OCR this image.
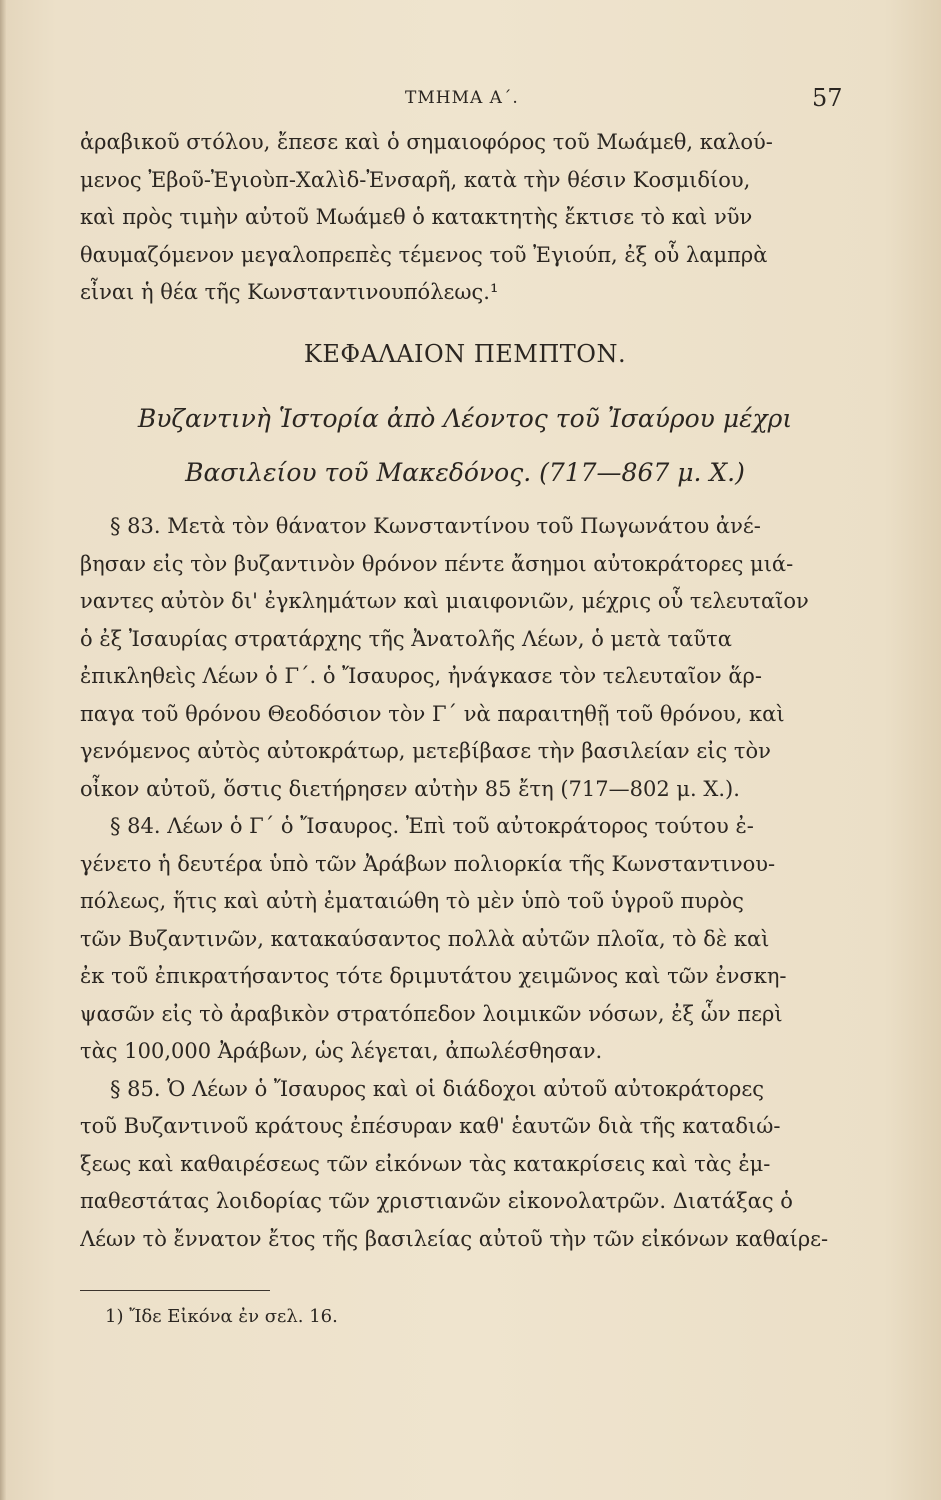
ΤΜΗΜΑ Α΄.	57
ἀραβικοῦ στόλου, ἔπεσε καὶ ὁ σημαιοφόρος τοῦ Μωάμεθ, καλού-
μενος Ἐβοῦ-Ἐγιοὺπ-Χαλὶδ-Ἐνσαρῆ, κατὰ τὴν θέσιν Κοσμιδίου,
καὶ πρὸς τιμὴν αὐτοῦ Μωάμεθ ὁ κατακτητὴς ἔκτισε τὸ καὶ νῦν
θαυμαζόμενον μεγαλοπρεπὲς τέμενος τοῦ Ἐγιούπ, ἐξ οὗ λαμπρὰ
εἶναι ἡ θέα τῆς Κωνσταντινουπόλεως.¹
ΚΕΦΑΛΑΙΟΝ ΠΕΜΠΤΟΝ.
Βυζαντινὴ Ἱστορία ἀπὸ Λέοντος τοῦ Ἰσαύρου μέχρι
Βασιλείου τοῦ Μακεδόνος. (717—867 μ. Χ.)
§ 83. Μετὰ τὸν θάνατον Κωνσταντίνου τοῦ Πωγωνάτου ἀνέ-
βησαν εἰς τὸν βυζαντινὸν θρόνον πέντε ἄσημοι αὐτοκράτορες μιά-
ναντες αὐτὸν δι' ἐγκλημάτων καὶ μιαιφονιῶν, μέχρις οὗ τελευταῖον
ὁ ἐξ Ἰσαυρίας στρατάρχης τῆς Ἀνατολῆς Λέων, ὁ μετὰ ταῦτα
ἐπικληθεὶς Λέων ὁ Γ΄. ὁ Ἴσαυρος, ἠνάγκασε τὸν τελευταῖον ἅρ-
παγα τοῦ θρόνου Θεοδόσιον τὸν Γ΄ νὰ παραιτηθῇ τοῦ θρόνου, καὶ
γενόμενος αὐτὸς αὐτοκράτωρ, μετεβίβασε τὴν βασιλείαν εἰς τὸν
οἶκον αὐτοῦ, ὅστις διετήρησεν αὐτὴν 85 ἔτη (717—802 μ. Χ.).
§ 84. Λέων ὁ Γ΄ ὁ Ἴσαυρος. Ἐπὶ τοῦ αὐτοκράτορος τούτου ἐ-
γένετο ἡ δευτέρα ὑπὸ τῶν Ἀράβων πολιορκία τῆς Κωνσταντινου-
πόλεως, ἥτις καὶ αὐτὴ ἐματαιώθη τὸ μὲν ὑπὸ τοῦ ὑγροῦ πυρὸς
τῶν Βυζαντινῶν, κατακαύσαντος πολλὰ αὐτῶν πλοῖα, τὸ δὲ καὶ
ἐκ τοῦ ἐπικρατήσαντος τότε δριμυτάτου χειμῶνος καὶ τῶν ἐνσκη-
ψασῶν εἰς τὸ ἀραβικὸν στρατόπεδον λοιμικῶν νόσων, ἐξ ὧν περὶ
τὰς 100,000 Ἀράβων, ὡς λέγεται, ἀπωλέσθησαν.
§ 85. Ὁ Λέων ὁ Ἴσαυρος καὶ οἱ διάδοχοι αὐτοῦ αὐτοκράτορες
τοῦ Βυζαντινοῦ κράτους ἐπέσυραν καθ' ἑαυτῶν διὰ τῆς καταδιώ-
ξεως καὶ καθαιρέσεως τῶν εἰκόνων τὰς κατακρίσεις καὶ τὰς ἐμ-
παθεστάτας λοιδορίας τῶν χριστιανῶν εἰκονολατρῶν. Διατάξας ὁ
Λέων τὸ ἔννατον ἔτος τῆς βασιλείας αὐτοῦ τὴν τῶν εἰκόνων καθαίρε-
1) Ἴδε Εἰκόνα ἐν σελ. 16.
